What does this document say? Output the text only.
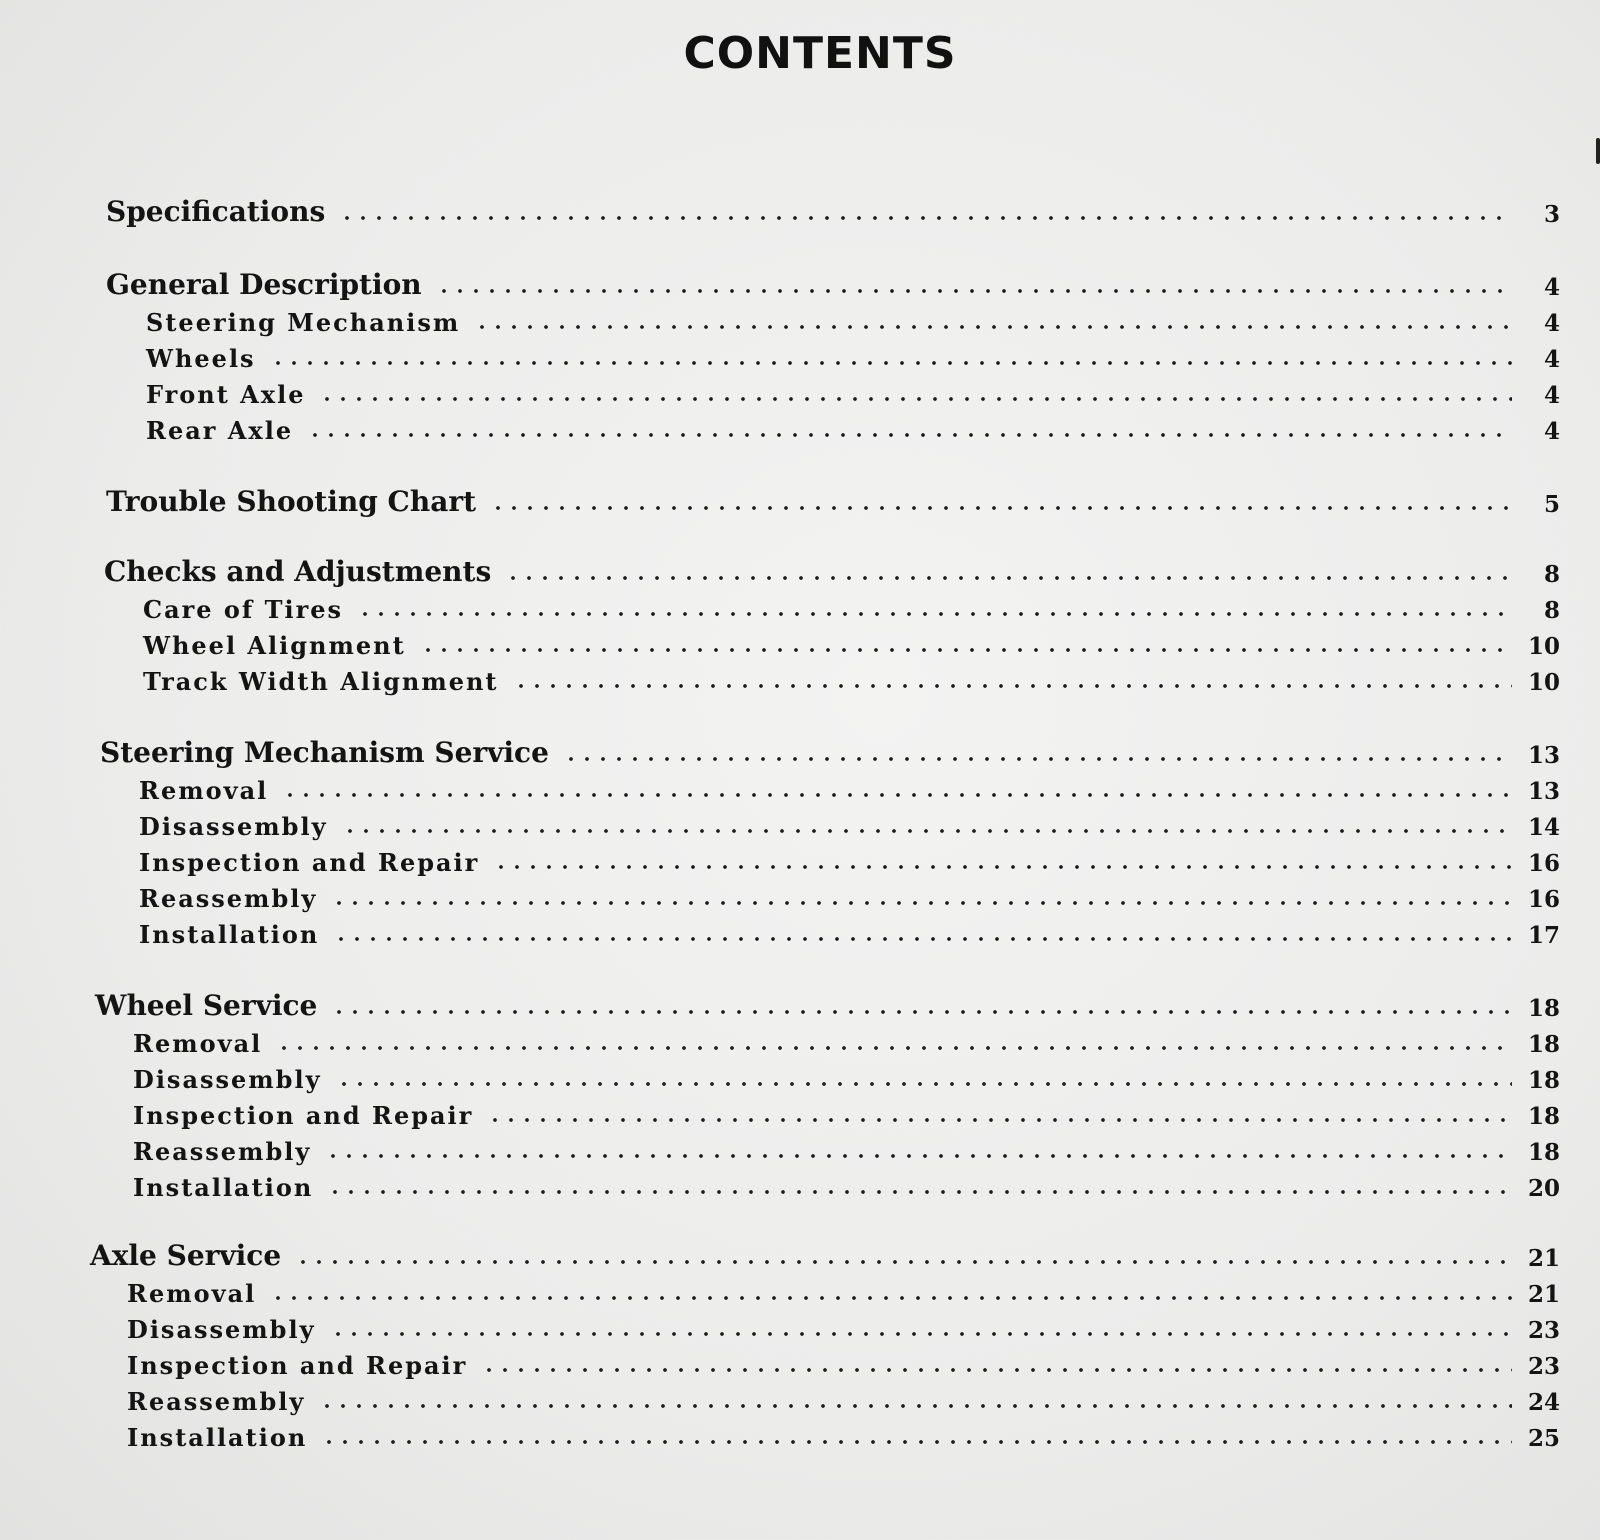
CONTENTS
Specifications	3
General Description	4
Steering Mechanism	4
Wheels	4
Front Axle	4
Rear Axle	4
Trouble Shooting Chart	5
Checks and Adjustments	8
Care of Tires	8
Wheel Alignment	10
Track Width Alignment	10
Steering Mechanism Service	13
Removal	13
Disassembly	14
Inspection and Repair	16
Reassembly	16
Installation	17
Wheel Service	18
Removal	18
Disassembly	18
Inspection and Repair	18
Reassembly	18
Installation	20
Axle Service	21
Removal	21
Disassembly	23
Inspection and Repair	23
Reassembly	24
Installation	25
